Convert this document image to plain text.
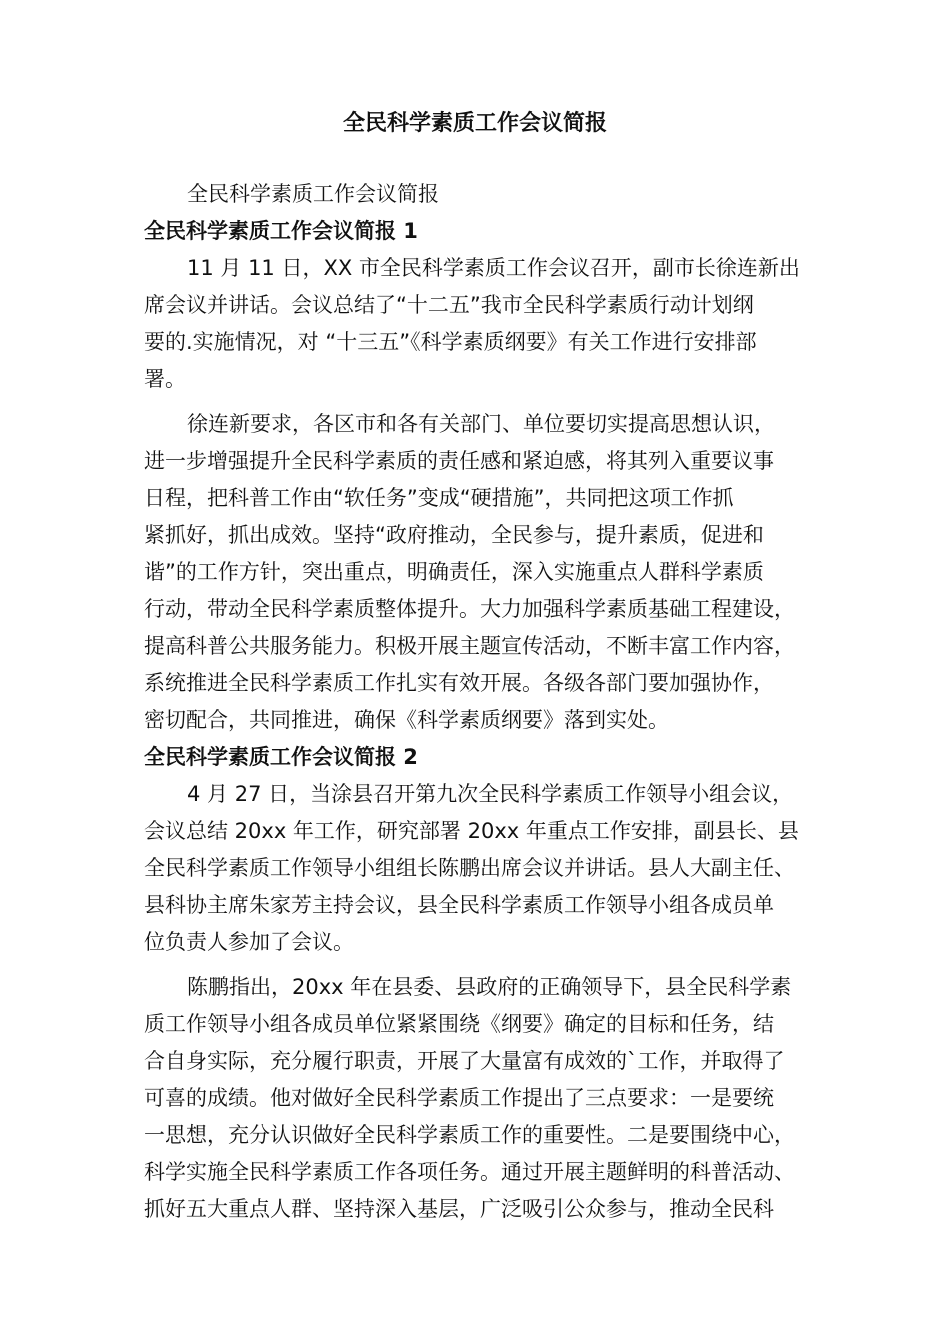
全民科学素质工作会议简报

全民科学素质工作会议简报

全民科学素质工作会议简报 1

11 月 11 日，XX 市全民科学素质工作会议召开，副市长徐连新出

席会议并讲话。会议总结了“十二五”我市全民科学素质行动计划纲

要的.实施情况，对 “十三五”《科学素质纲要》有关工作进行安排部

署。

徐连新要求，各区市和各有关部门、单位要切实提高思想认识，

进一步增强提升全民科学素质的责任感和紧迫感，将其列入重要议事

日程，把科普工作由“软任务”变成“硬措施”，共同把这项工作抓

紧抓好，抓出成效。坚持“政府推动，全民参与，提升素质，促进和

谐”的工作方针，突出重点，明确责任，深入实施重点人群科学素质

行动，带动全民科学素质整体提升。大力加强科学素质基础工程建设，

提高科普公共服务能力。积极开展主题宣传活动，不断丰富工作内容，

系统推进全民科学素质工作扎实有效开展。各级各部门要加强协作，

密切配合，共同推进，确保《科学素质纲要》落到实处。

全民科学素质工作会议简报 2

4 月 27 日，当涂县召开第九次全民科学素质工作领导小组会议，

会议总结 20xx 年工作，研究部署 20xx 年重点工作安排，副县长、县

全民科学素质工作领导小组组长陈鹏出席会议并讲话。县人大副主任、

县科协主席朱家芳主持会议，县全民科学素质工作领导小组各成员单

位负责人参加了会议。

陈鹏指出，20xx 年在县委、县政府的正确领导下，县全民科学素

质工作领导小组各成员单位紧紧围绕《纲要》确定的目标和任务，结

合自身实际，充分履行职责，开展了大量富有成效的`工作，并取得了

可喜的成绩。他对做好全民科学素质工作提出了三点要求：一是要统

一思想，充分认识做好全民科学素质工作的重要性。二是要围绕中心，

科学实施全民科学素质工作各项任务。通过开展主题鲜明的科普活动、

抓好五大重点人群、坚持深入基层，广泛吸引公众参与，推动全民科
